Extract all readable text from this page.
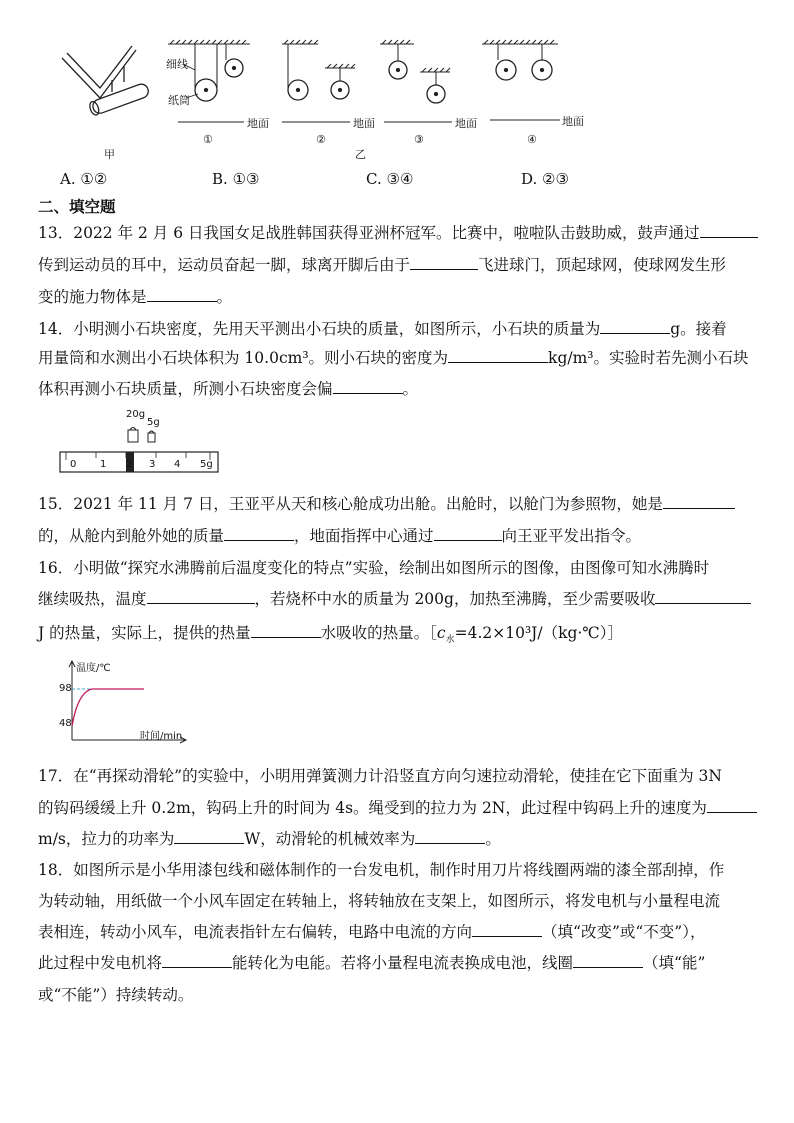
细线
纸筒
地面	地面	地面	地面
①	②	③	④
甲	乙
A. ①②	B. ①③	C. ③④	D. ②③
二、填空题
13．2022 年 2 月 6 日我国女足战胜韩国获得亚洲杯冠军。比赛中，啦啦队击鼓助威，鼓声通过
传到运动员的耳中，运动员奋起一脚，球离开脚后由于	飞进球门，顶起球网，使球网发生形
变的施力物体是	。
14．小明测小石块密度，先用天平测出小石块的质量，如图所示，小石块的质量为	g。接着
用量筒和水测出小石块体积为 10.0cm³。则小石块的密度为	kg/m³。实验时若先测小石块
体积再测小石块质量，所测小石块密度会偏	。
20g
5g
0 1 2 3 4 5g
15．2021 年 11 月 7 日，王亚平从天和核心舱成功出舱。出舱时，以舱门为参照物，她是
的，从舱内到舱外她的质量	，地面指挥中心通过	向王亚平发出指令。
16．小明做“探究水沸腾前后温度变化的特点”实验，绘制出如图所示的图像，由图像可知水沸腾时
继续吸热，温度	，若烧杯中水的质量为 200g，加热至沸腾，至少需要吸收
J 的热量，实际上，提供的热量	水吸收的热量。$[c_水=4.2\times 10^3J/(kg\cdot℃)]$
温度/℃
98
48
时间/min
17．在“再探动滑轮”的实验中，小明用弹簧测力计沿竖直方向匀速拉动滑轮，使挂在它下面重为 3N
的钩码缓缓上升 0.2m，钩码上升的时间为 4s。绳受到的拉力为 2N，此过程中钩码上升的速度为
m/s，拉力的功率为	W，动滑轮的机械效率为	。
18．如图所示是小华用漆包线和磁体制作的一台发电机，制作时用刀片将线圈两端的漆全部刮掉，作
为转动轴，用纸做一个小风车固定在转轴上，将转轴放在支架上，如图所示，将发电机与小量程电流
表相连，转动小风车，电流表指针左右偏转，电路中电流的方向	（填“改变”或“不变”），
此过程中发电机将	能转化为电能。若将小量程电流表换成电池，线圈	（填“能”
或“不能”）持续转动。
